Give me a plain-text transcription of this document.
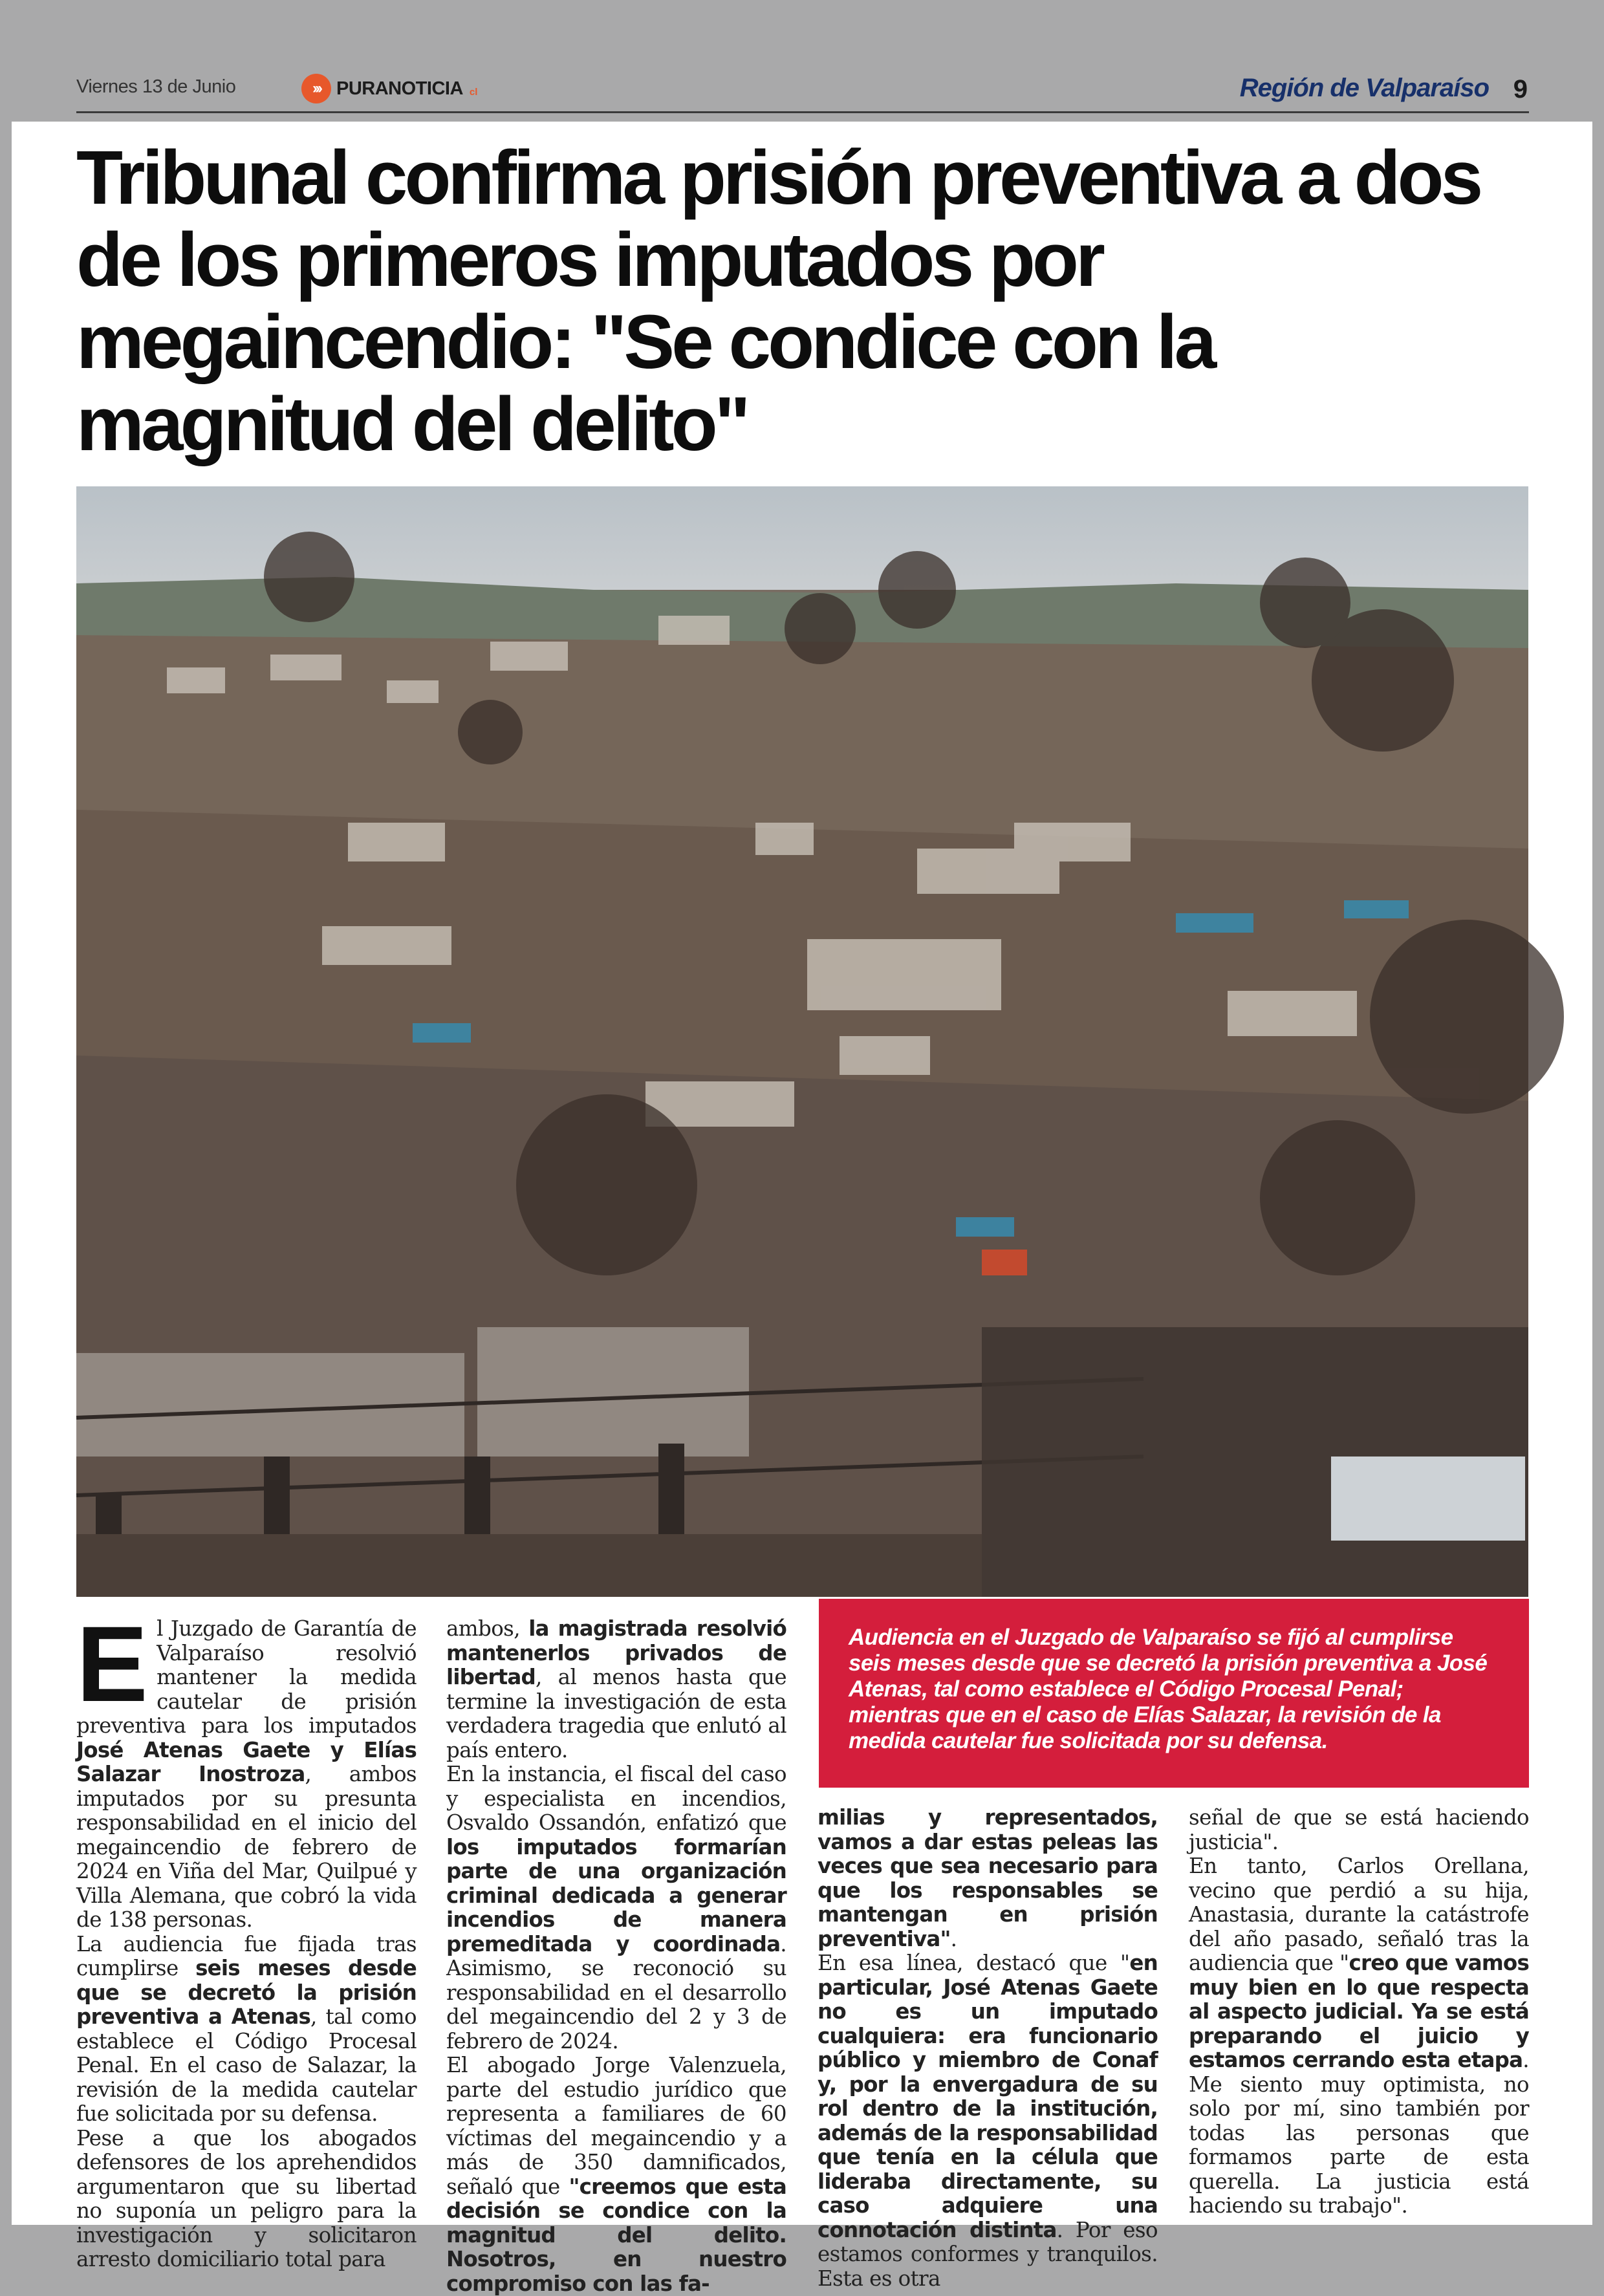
Viernes 13 de Junio	››› PURANOTICIA cl	Región de Valparaíso 9
Tribunal confirma prisión preventiva a dos de los primeros imputados por megaincendio: "Se condice con la magnitud del delito"
Audiencia en el Juzgado de Valparaíso se fijó al cumplirse seis meses desde que se decretó la prisión preventiva a José Atenas, tal como establece el Código Procesal Penal; mientras que en el caso de Elías Salazar, la revisión de la medida cautelar fue solicitada por su defensa.
E l Juzgado de Garantía de Valparaíso resolvió mantener la medida cautelar de prisión preventiva para los imputados José Atenas Gaete y Elías Salazar Inostroza, ambos imputados por su presunta responsabilidad en el inicio del megaincendio de febrero de 2024 en Viña del Mar, Quilpué y Villa Alemana, que cobró la vida de 138 personas.
La audiencia fue fijada tras cumplirse seis meses desde que se decretó la prisión preventiva a Atenas, tal como establece el Código Procesal Penal. En el caso de Salazar, la revisión de la medida cautelar fue solicitada por su defensa.
Pese a que los abogados defensores de los aprehendidos argumentaron que su libertad no suponía un peligro para la investigación y solicitaron arresto domiciliario total para
ambos, la magistrada resolvió mantenerlos privados de libertad, al menos hasta que termine la investigación de esta verdadera tragedia que enlutó al país entero.
En la instancia, el fiscal del caso y especialista en incendios, Osvaldo Ossandón, enfatizó que los imputados formarían parte de una organización criminal dedicada a generar incendios de manera premeditada y coordinada. Asimismo, se reconoció su responsabilidad en el desarrollo del megaincendio del 2 y 3 de febrero de 2024.
El abogado Jorge Valenzuela, parte del estudio jurídico que representa a familiares de 60 víctimas del megaincendio y a más de 350 damnificados, señaló que "creemos que esta decisión se condice con la magnitud del delito. Nosotros, en nuestro compromiso con las fa-
milias y representados, vamos a dar estas peleas las veces que sea necesario para que los responsables se mantengan en prisión preventiva".
En esa línea, destacó que "en particular, José Atenas Gaete no es un imputado cualquiera: era funcionario público y miembro de Conaf y, por la envergadura de su rol dentro de la institución, además de la responsabilidad que tenía en la célula que lideraba directamente, su caso adquiere una connotación distinta. Por eso estamos conformes y tranquilos. Esta es otra
señal de que se está haciendo justicia".
En tanto, Carlos Orellana, vecino que perdió a su hija, Anastasia, durante la catástrofe del año pasado, señaló tras la audiencia que "creo que vamos muy bien en lo que respecta al aspecto judicial. Ya se está preparando el juicio y estamos cerrando esta etapa. Me siento muy optimista, no solo por mí, sino también por todas las personas que formamos parte de esta querella. La justicia está haciendo su trabajo".
